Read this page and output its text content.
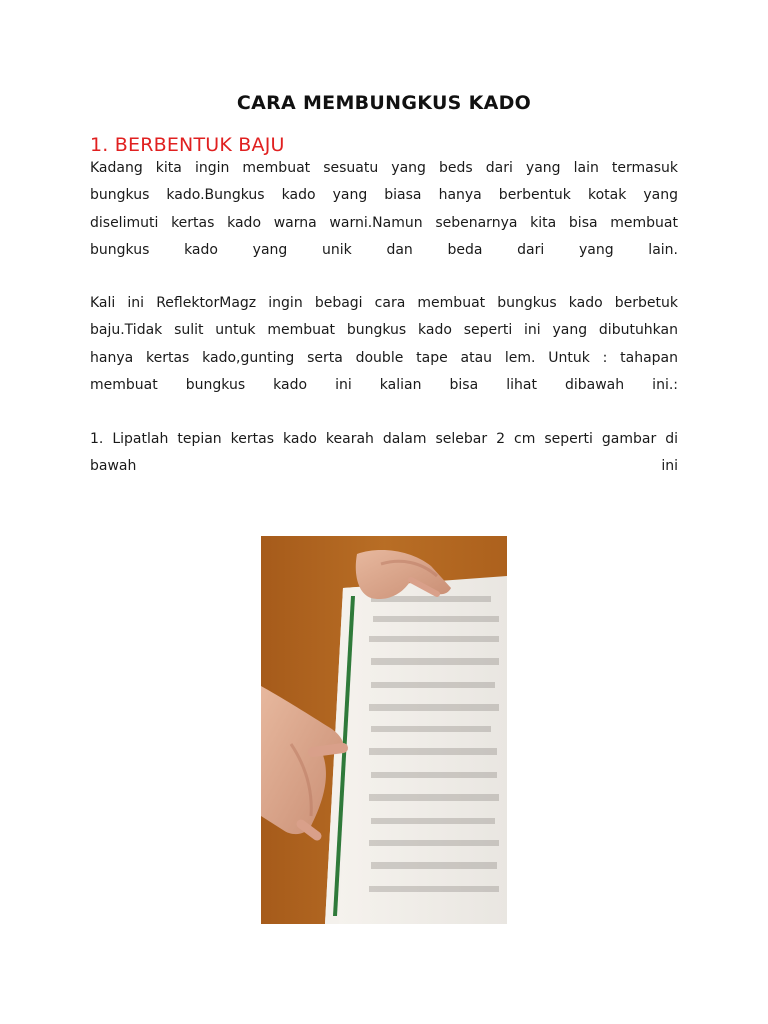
CARA MEMBUNGKUS KADO
1. BERBENTUK BAJU
Kadang kita ingin membuat sesuatu yang beds dari yang lain termasuk
bungkus kado.Bungkus kado yang biasa hanya berbentuk kotak yang
diselimuti kertas kado warna warni.Namun sebenarnya kita bisa membuat
bungkus kado yang unik dan beda dari yang lain.
Kali ini ReflektorMagz ingin bebagi cara membuat bungkus kado berbetuk
baju.Tidak sulit untuk membuat bungkus kado seperti ini yang dibutuhkan
hanya kertas kado,gunting serta double tape atau lem. Untuk : tahapan
membuat bungkus kado ini kalian bisa lihat dibawah ini.:
1. Lipatlah tepian kertas kado kearah dalam selebar 2 cm seperti gambar di
bawah ini
